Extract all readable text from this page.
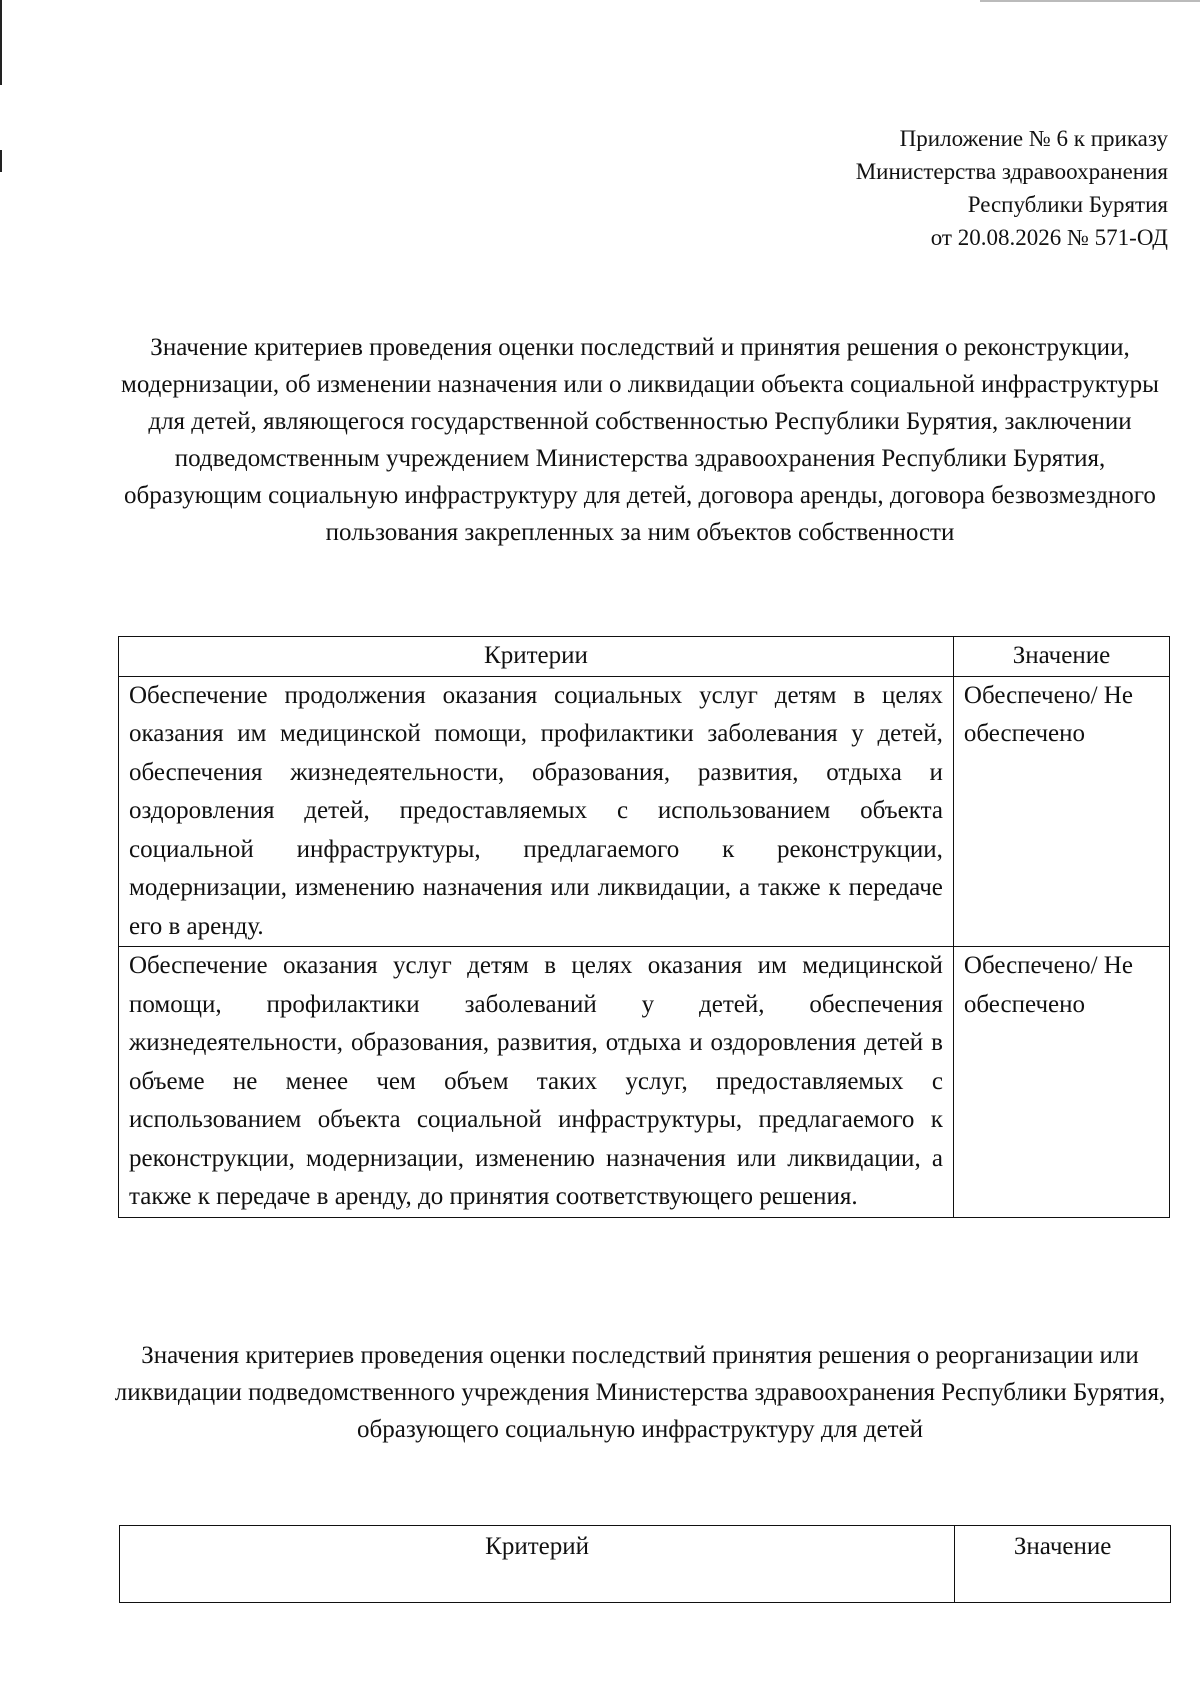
Приложение № 6 к приказу
Министерства здравоохранения
Республики Бурятия
от 20.08.2026 № 571-ОД
Значение критериев проведения оценки последствий и принятия решения о реконструкции, модернизации, об изменении назначения или о ликвидации объекта социальной инфраструктуры для детей, являющегося государственной собственностью Республики Бурятия, заключении подведомственным учреждением Министерства здравоохранения Республики Бурятия, образующим социальную инфраструктуру для детей, договора аренды, договора безвозмездного пользования закрепленных за ним объектов собственности
Критерии	Значение
Обеспечение продолжения оказания социальных услуг детям в целях оказания им медицинской помощи, профилактики заболевания у детей, обеспечения жизнедеятельности, образования, развития, отдыха и оздоровления детей, предоставляемых с использованием объекта социальной инфраструктуры, предлагаемого к реконструкции, модернизации, изменению назначения или ликвидации, а также к передаче его в аренду.	Обеспечено/ Не обеспечено
Обеспечение оказания услуг детям в целях оказания им медицинской помощи, профилактики заболеваний у детей, обеспечения жизнедеятельности, образования, развития, отдыха и оздоровления детей в объеме не менее чем объем таких услуг, предоставляемых с использованием объекта социальной инфраструктуры, предлагаемого к реконструкции, модернизации, изменению назначения или ликвидации, а также к передаче в аренду, до принятия соответствующего решения.	Обеспечено/ Не обеспечено
Значения критериев проведения оценки последствий принятия решения о реорганизации или ликвидации подведомственного учреждения Министерства здравоохранения Республики Бурятия, образующего социальную инфраструктуру для детей
Критерий	Значение
